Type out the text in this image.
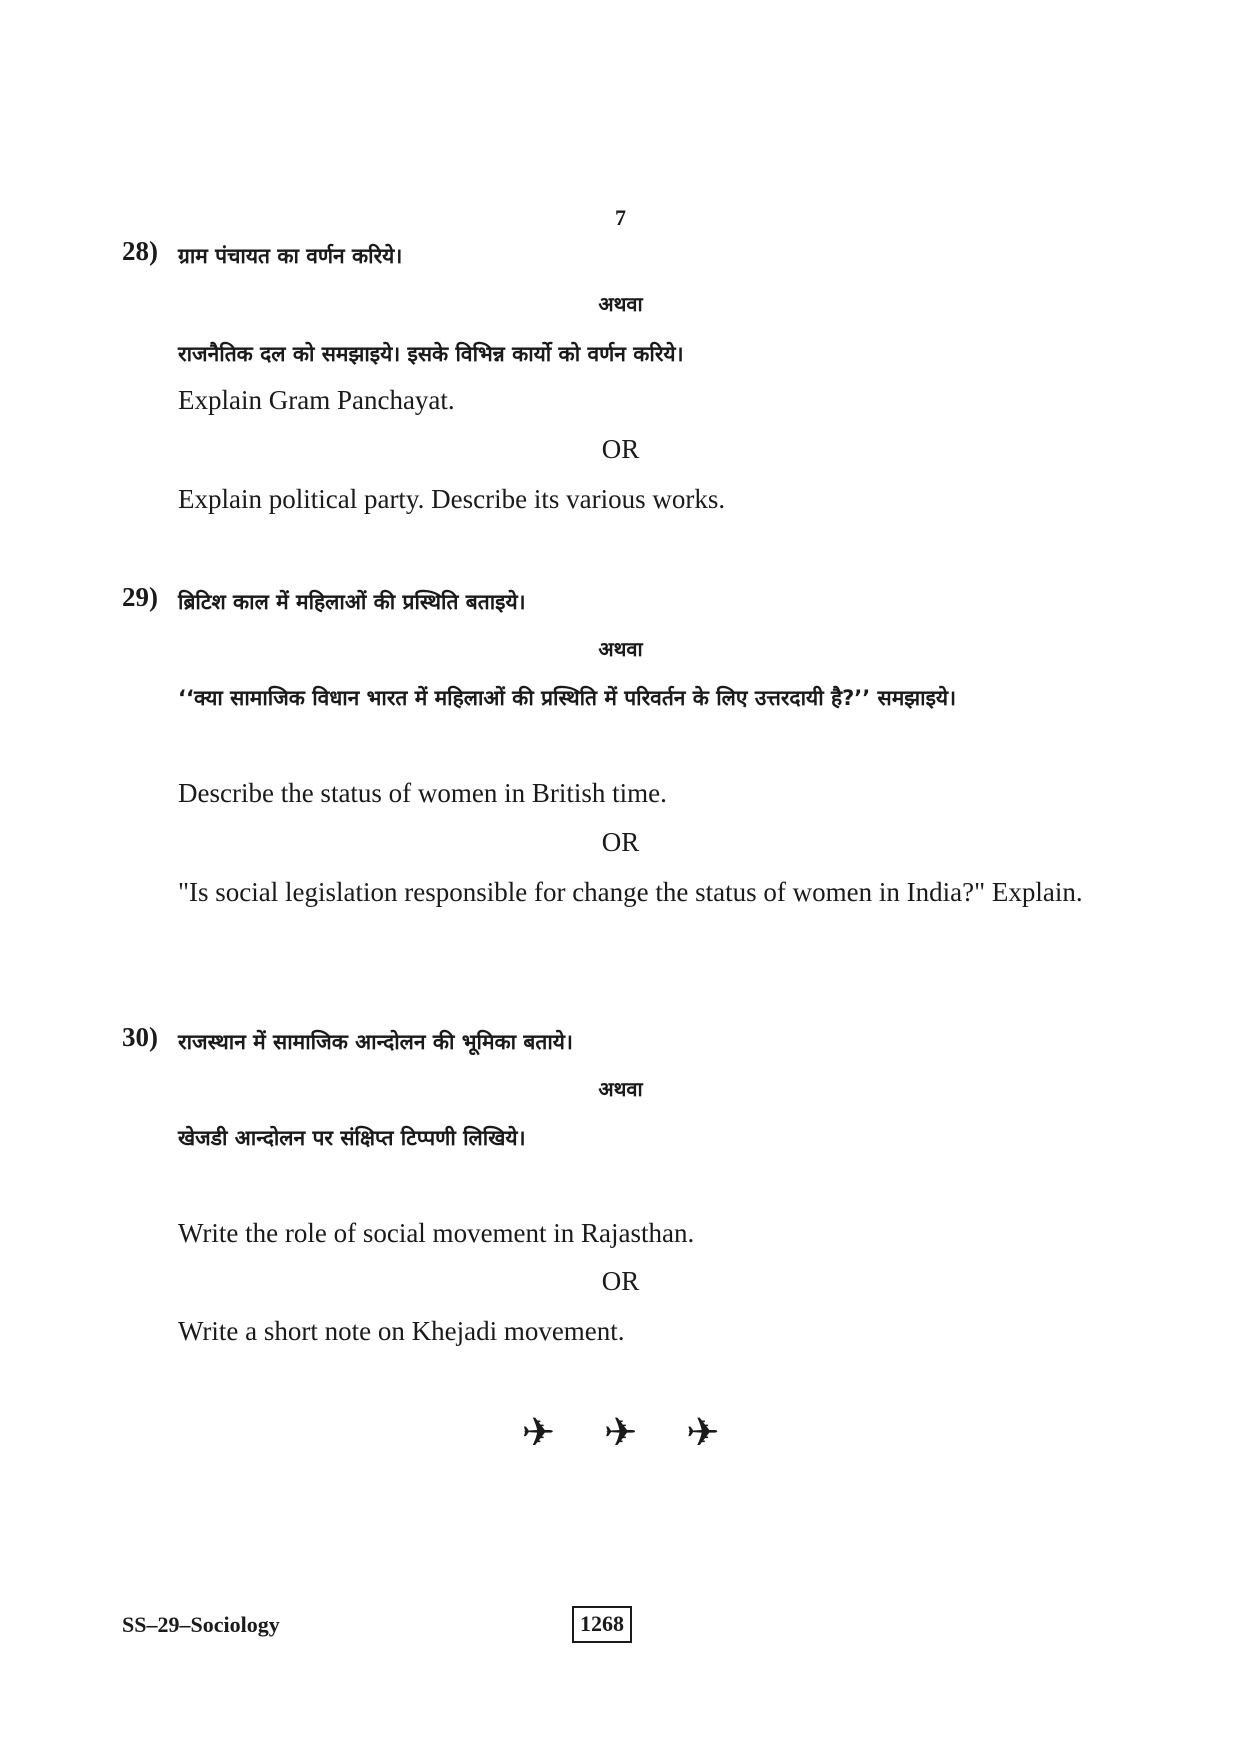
7
28) ग्राम पंचायत का वर्णन करिये।
अथवा
राजनैतिक दल को समझाइये। इसके विभिन्न कार्यो को वर्णन करिये।
Explain Gram Panchayat.
OR
Explain political party. Describe its various works.
29) ब्रिटिश काल में महिलाओं की प्रस्थिति बताइये।
अथवा
‘‘क्या सामाजिक विधान भारत में महिलाओं की प्रस्थिति में परिवर्तन के लिए उत्तरदायी है?’’ समझाइये।
Describe the status of women in British time.
OR
"Is social legislation responsible for change the status of women in India?" Explain.
30) राजस्थान में सामाजिक आन्दोलन की भूमिका बताये।
अथवा
खेजडी आन्दोलन पर संक्षिप्त टिप्पणी लिखिये।
Write the role of social movement in Rajasthan.
OR
Write a short note on Khejadi movement.
✈ ✈ ✈
SS–29–Sociology	1268
